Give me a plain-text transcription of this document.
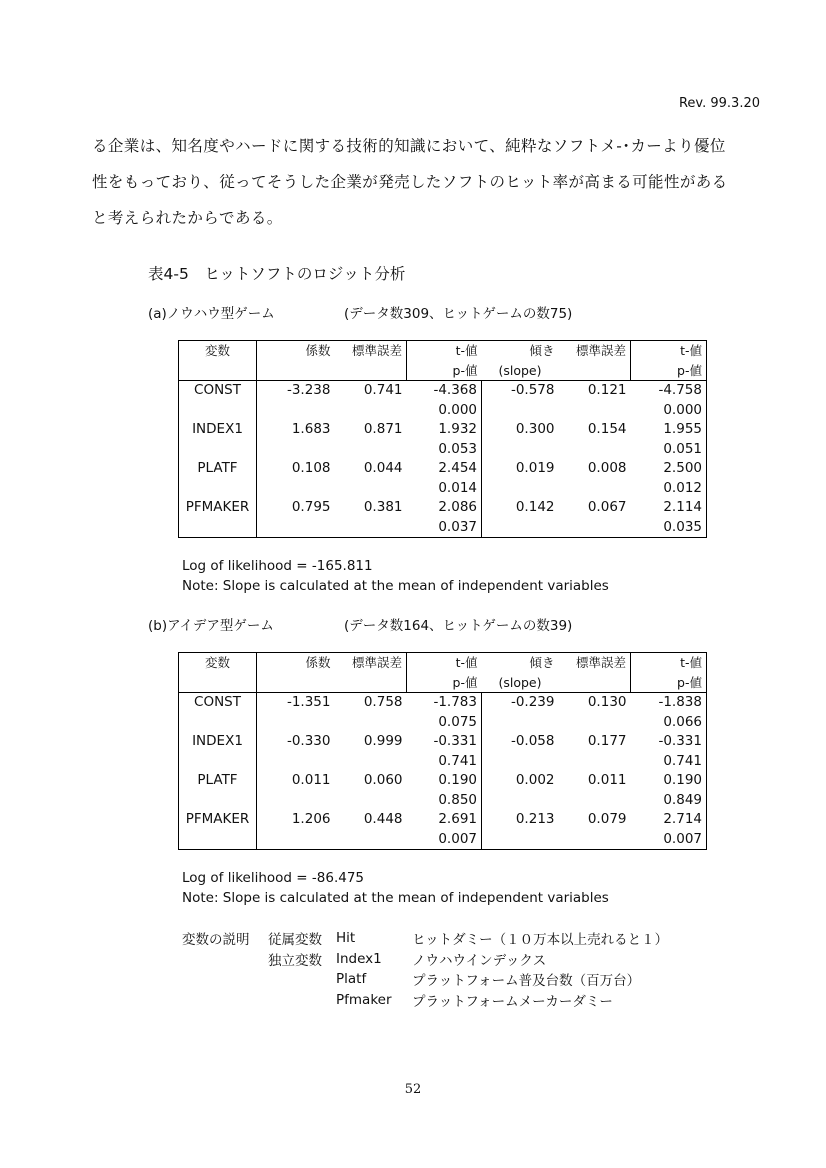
Rev. 99.3.20
る企業は、知名度やハードに関する技術的知識において、純粋なソフトメ-･カーより優位
性をもっており、従ってそうした企業が発売したソフトのヒット率が高まる可能性がある
と考えられたからである。
表4-5　ヒットソフトのロジット分析
(a)ノウハウ型ゲーム	(データ数309、ヒットゲームの数75)
変数	係数	標準誤差	t-値	傾き	標準誤差	t-値
			p-値	(slope)		p-値
CONST	-3.238	0.741	-4.368	-0.578	0.121	-4.758
			0.000			0.000
INDEX1	1.683	0.871	1.932	0.300	0.154	1.955
			0.053			0.051
PLATF	0.108	0.044	2.454	0.019	0.008	2.500
			0.014			0.012
PFMAKER	0.795	0.381	2.086	0.142	0.067	2.114
			0.037			0.035
Log of likelihood = -165.811
Note: Slope is calculated at the mean of independent variables
(b)アイデア型ゲーム	(データ数164、ヒットゲームの数39)
変数	係数	標準誤差	t-値	傾き	標準誤差	t-値
			p-値	(slope)		p-値
CONST	-1.351	0.758	-1.783	-0.239	0.130	-1.838
			0.075			0.066
INDEX1	-0.330	0.999	-0.331	-0.058	0.177	-0.331
			0.741			0.741
PLATF	0.011	0.060	0.190	0.002	0.011	0.190
			0.850			0.849
PFMAKER	1.206	0.448	2.691	0.213	0.079	2.714
			0.007			0.007
Log of likelihood = -86.475
Note: Slope is calculated at the mean of independent variables
変数の説明	従属変数	Hit	ヒットダミー（１０万本以上売れると１）
	独立変数	Index1	ノウハウインデックス
		Platf	プラットフォーム普及台数（百万台）
		Pfmaker	プラットフォームメーカーダミー
52
